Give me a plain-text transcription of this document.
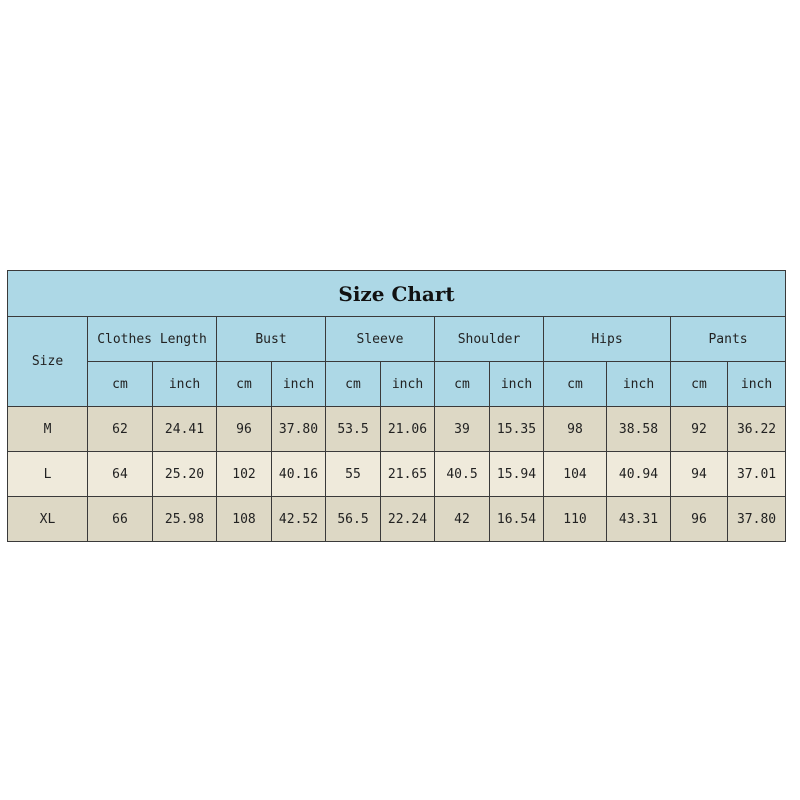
Size Chart												
Size	Clothes Length		Bust		Sleeve		Shoulder		Hips		Pants	
	cm	inch	cm	inch	cm	inch	cm	inch	cm	inch	cm	inch
M	62	24.41	96	37.80	53.5	21.06	39	15.35	98	38.58	92	36.22
L	64	25.20	102	40.16	55	21.65	40.5	15.94	104	40.94	94	37.01
XL	66	25.98	108	42.52	56.5	22.24	42	16.54	110	43.31	96	37.80
